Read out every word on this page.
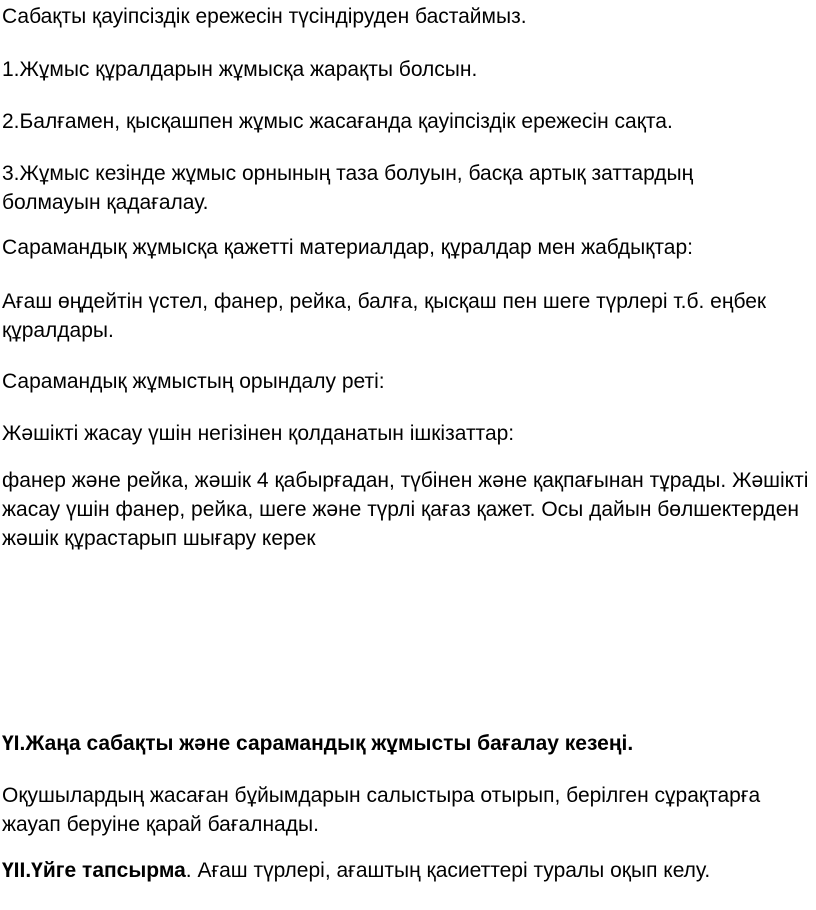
Сабақты қауіпсіздік ережесін түсіндіруден бастаймыз.

1.Жұмыс құралдарын жұмысқа жарақты болсын.

2.Балғамен, қысқашпен жұмыс жасағанда қауіпсіздік ережесін сақта.

3.Жұмыс кезінде жұмыс орнының таза болуын, басқа артық заттардың болмауын қадағалау.

Сарамандық жұмысқа қажетті материалдар, құралдар мен жабдықтар:

Ағаш өңдейтін үстел, фанер, рейка, балға, қысқаш пен шеге түрлері т.б. еңбек құралдары.

Сарамандық жұмыстың орындалу реті:

Жәшікті жасау үшін негізінен қолданатын ішкізаттар:

фанер және рейка, жәшік 4 қабырғадан, түбінен және қақпағынан тұрады. Жәшікті жасау үшін фанер, рейка, шеге және түрлі қағаз қажет. Осы дайын бөлшектерден жәшік құрастарып шығару керек

ҮІ.Жаңа сабақты және сарамандық жұмысты бағалау кезеңі.

Оқушылардың жасаған бұйымдарын салыстыра отырып, берілген сұрақтарға жауап беруіне қарай бағалнады.

ҮІІ.Үйге тапсырма. Ағаш түрлері, ағаштың қасиеттері туралы оқып келу.
